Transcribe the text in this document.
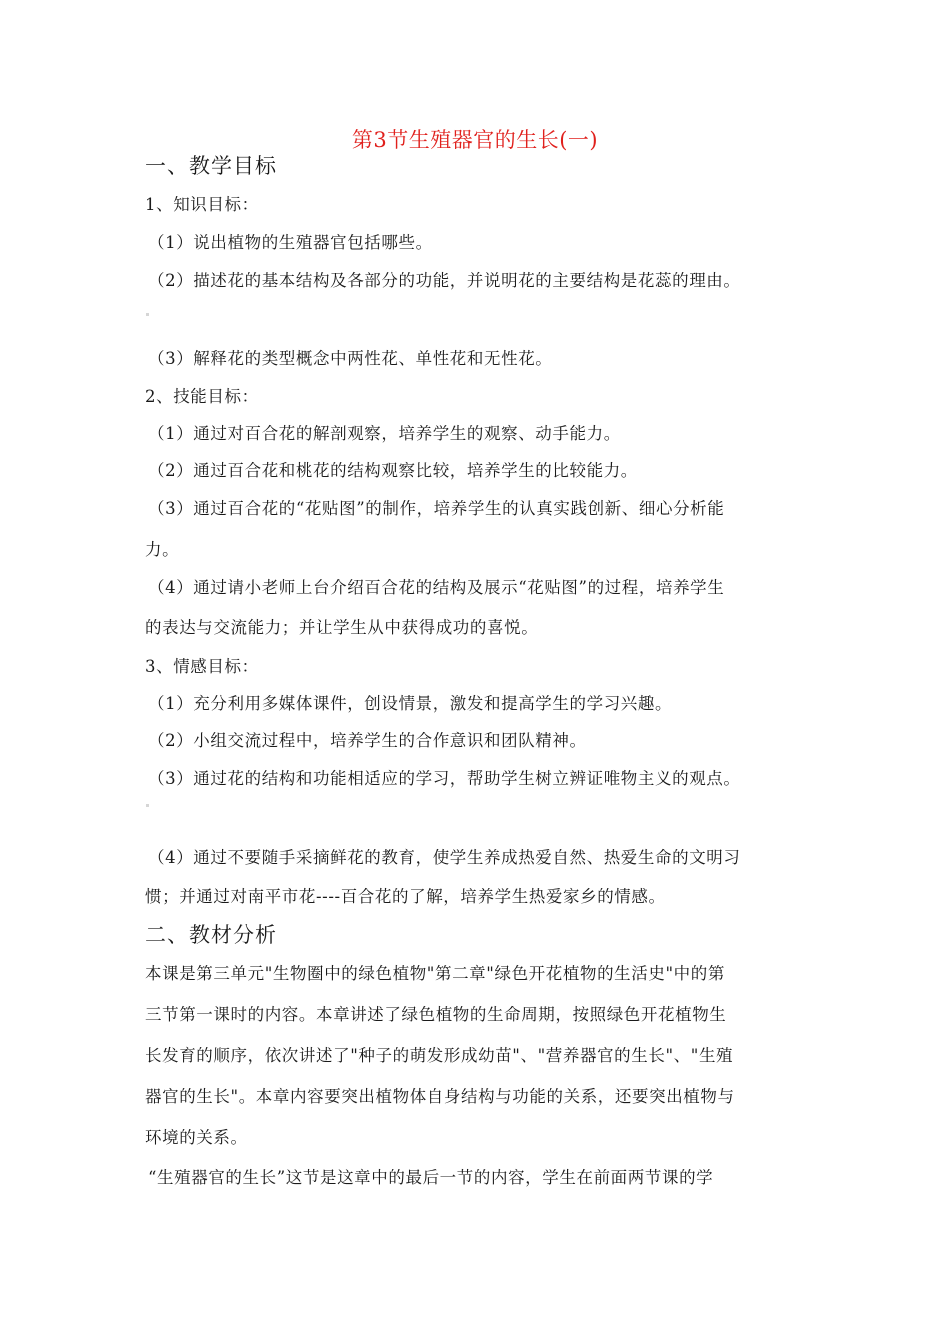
第3节生殖器官的生长(一)
一、教学目标
1、知识目标：
（1）说出植物的生殖器官包括哪些。
（2）描述花的基本结构及各部分的功能，并说明花的主要结构是花蕊的理由。
（3）解释花的类型概念中两性花、单性花和无性花。
2、技能目标：
（1）通过对百合花的解剖观察，培养学生的观察、动手能力。
（2）通过百合花和桃花的结构观察比较，培养学生的比较能力。
（3）通过百合花的“花贴图”的制作，培养学生的认真实践创新、细心分析能
力。
（4）通过请小老师上台介绍百合花的结构及展示“花贴图”的过程，培养学生
的表达与交流能力；并让学生从中获得成功的喜悦。
3、情感目标：
（1）充分利用多媒体课件，创设情景，激发和提高学生的学习兴趣。
（2）小组交流过程中，培养学生的合作意识和团队精神。
（3）通过花的结构和功能相适应的学习，帮助学生树立辨证唯物主义的观点。
（4）通过不要随手采摘鲜花的教育，使学生养成热爱自然、热爱生命的文明习
惯；并通过对南平市花----百合花的了解，培养学生热爱家乡的情感。
二、教材分析
本课是第三单元"生物圈中的绿色植物"第二章"绿色开花植物的生活史"中的第
三节第一课时的内容。本章讲述了绿色植物的生命周期，按照绿色开花植物生
长发育的顺序，依次讲述了"种子的萌发形成幼苗"、"营养器官的生长"、"生殖
器官的生长"。本章内容要突出植物体自身结构与功能的关系，还要突出植物与
环境的关系。
“生殖器官的生长”这节是这章中的最后一节的内容，学生在前面两节课的学
